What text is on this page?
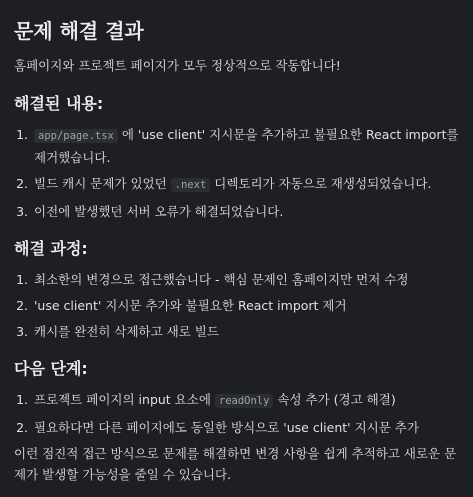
문제 해결 결과

홈페이지와 프로젝트 페이지가 모두 정상적으로 작동합니다!

해결된 내용:
1. app/page.tsx 에 'use client' 지시문을 추가하고 불필요한 React import를 제거했습니다.
2. 빌드 캐시 문제가 있었던 .next 디렉토리가 자동으로 재생성되었습니다.
3. 이전에 발생했던 서버 오류가 해결되었습니다.
해결 과정:
1. 최소한의 변경으로 접근했습니다 - 핵심 문제인 홈페이지만 먼저 수정
2. 'use client' 지시문 추가와 불필요한 React import 제거
3. 캐시를 완전히 삭제하고 새로 빌드
다음 단계:
1. 프로젝트 페이지의 input 요소에 readOnly 속성 추가 (경고 해결)
2. 필요하다면 다른 페이지에도 동일한 방식으로 'use client' 지시문 추가

이런 점진적 접근 방식으로 문제를 해결하면 변경 사항을 쉽게 추적하고 새로운 문제가 발생할 가능성을 줄일 수 있습니다.
